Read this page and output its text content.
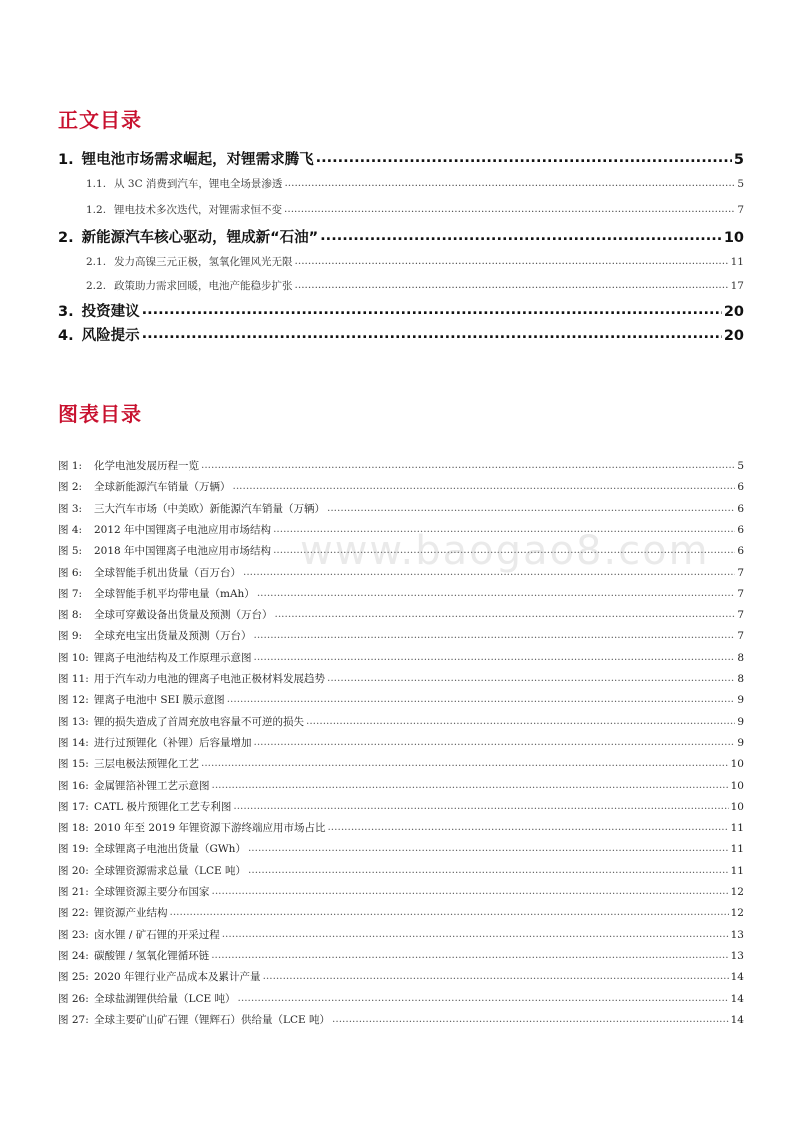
正文目录
1. 锂电池市场需求崛起，对锂需求腾飞 .....	5
1.1. 从 3C 消费到汽车，锂电全场景渗透 .....	5
1.2. 锂电技术多次迭代，对锂需求恒不变 .....	7
2. 新能源汽车核心驱动，锂成新“石油” .....	10
2.1. 发力高镍三元正极，氢氧化锂风光无限 .....	11
2.2. 政策助力需求回暖，电池产能稳步扩张 .....	17
3. 投资建议 .....	20
4. 风险提示 .....	20
图表目录
图 1:	化学电池发展历程一览 .....	5
图 2:	全球新能源汽车销量（万辆） .....	6
图 3:	三大汽车市场（中美欧）新能源汽车销量（万辆） .....	6
图 4:	2012 年中国锂离子电池应用市场结构 .....	6
图 5:	2018 年中国锂离子电池应用市场结构 .....	6
图 6:	全球智能手机出货量（百万台） .....	7
图 7:	全球智能手机平均带电量（mAh） .....	7
图 8:	全球可穿戴设备出货量及预测（万台） .....	7
图 9:	全球充电宝出货量及预测（万台） .....	7
图 10: 锂离子电池结构及工作原理示意图 .....	8
图 11: 用于汽车动力电池的锂离子电池正极材料发展趋势 .....	8
图 12: 锂离子电池中 SEI 膜示意图 .....	9
图 13: 锂的损失造成了首周充放电容量不可逆的损失 .....	9
图 14: 进行过预锂化（补锂）后容量增加 .....	9
图 15: 三层电极法预锂化工艺 .....	10
图 16: 金属锂箔补锂工艺示意图 .....	10
图 17: CATL 极片预锂化工艺专利图 .....	10
图 18: 2010 年至 2019 年锂资源下游终端应用市场占比 .....	11
图 19: 全球锂离子电池出货量（GWh） .....	11
图 20: 全球锂资源需求总量（LCE 吨） .....	11
图 21: 全球锂资源主要分布国家 .....	12
图 22: 锂资源产业结构 .....	12
图 23: 卤水锂 / 矿石锂的开采过程 .....	13
图 24: 碳酸锂 / 氢氧化锂循环链 .....	13
图 25: 2020 年锂行业产品成本及累计产量 .....	14
图 26: 全球盐湖锂供给量（LCE 吨） .....	14
图 27: 全球主要矿山矿石锂（锂辉石）供给量（LCE 吨） .....	14
www.baogao8.com
